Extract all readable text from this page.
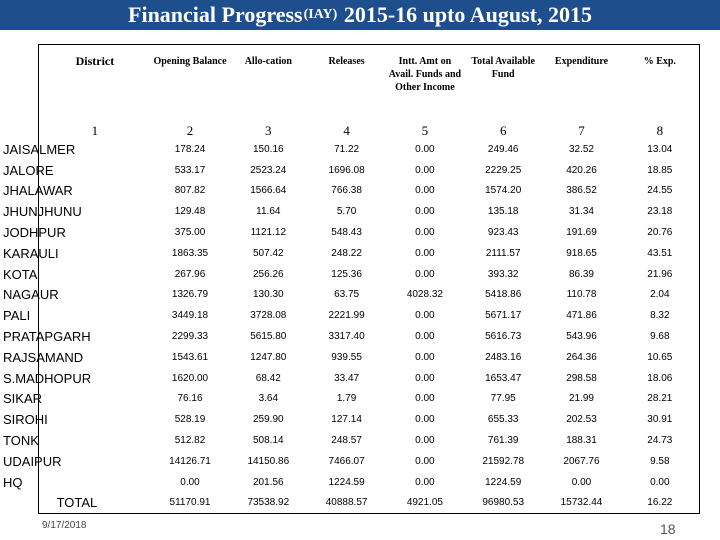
Financial Progress (IAY) 2015-16 upto August, 2015
District	Opening Balance	Allo-cation	Releases	Intt. Amt on Avail. Funds and Other Income	Total Available Fund	Expenditure	% Exp.
1	2	3	4	5	6	7	8
JAISALMER	178.24	150.16	71.22	0.00	249.46	32.52	13.04
JALORE	533.17	2523.24	1696.08	0.00	2229.25	420.26	18.85
JHALAWAR	807.82	1566.64	766.38	0.00	1574.20	386.52	24.55
JHUNJHUNU	129.48	11.64	5.70	0.00	135.18	31.34	23.18
JODHPUR	375.00	1121.12	548.43	0.00	923.43	191.69	20.76
KARAULI	1863.35	507.42	248.22	0.00	2111.57	918.65	43.51
KOTA	267.96	256.26	125.36	0.00	393.32	86.39	21.96
NAGAUR	1326.79	130.30	63.75	4028.32	5418.86	110.78	2.04
PALI	3449.18	3728.08	2221.99	0.00	5671.17	471.86	8.32
PRATAPGARH	2299.33	5615.80	3317.40	0.00	5616.73	543.96	9.68
RAJSAMAND	1543.61	1247.80	939.55	0.00	2483.16	264.36	10.65
S.MADHOPUR	1620.00	68.42	33.47	0.00	1653.47	298.58	18.06
SIKAR	76.16	3.64	1.79	0.00	77.95	21.99	28.21
SIROHI	528.19	259.90	127.14	0.00	655.33	202.53	30.91
TONK	512.82	508.14	248.57	0.00	761.39	188.31	24.73
UDAIPUR	14126.71	14150.86	7466.07	0.00	21592.78	2067.76	9.58
HQ	0.00	201.56	1224.59	0.00	1224.59	0.00	0.00
TOTAL	51170.91	73538.92	40888.57	4921.05	96980.53	15732.44	16.22
9/17/2018	18
